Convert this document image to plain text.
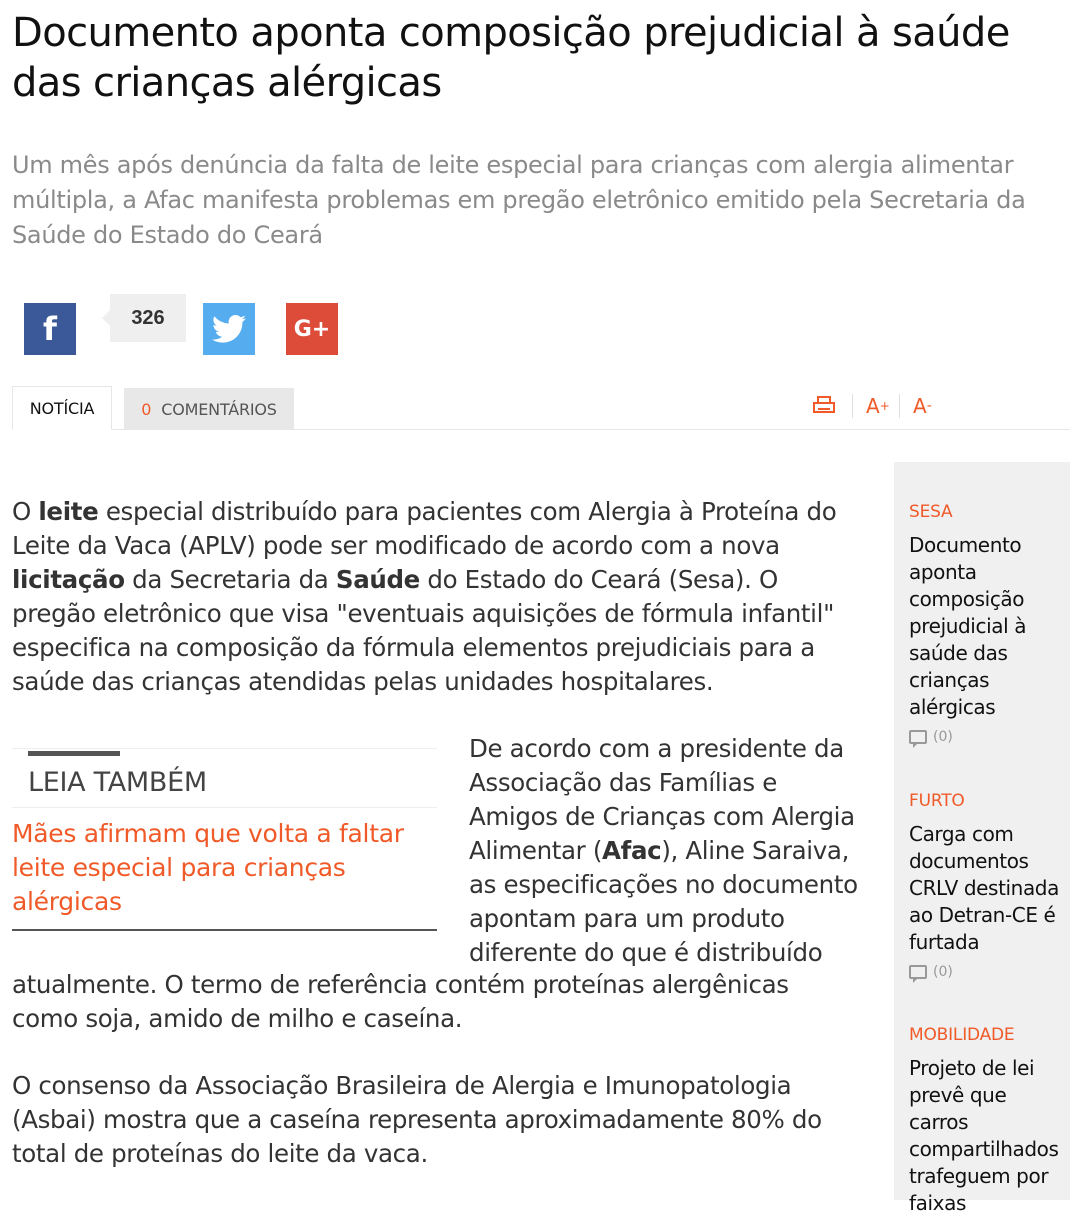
Documento aponta composição prejudicial à saúde das crianças alérgicas

Um mês após denúncia da falta de leite especial para crianças com alergia alimentar múltipla, a Afac manifesta problemas em pregão eletrônico emitido pela Secretaria da Saúde do Estado do Ceará

f	326	G+
NOTÍCIA	0 COMENTÁRIOS	A + A -

O leite especial distribuído para pacientes com Alergia à Proteína do Leite da Vaca (APLV) pode ser modificado de acordo com a nova licitação da Secretaria da Saúde do Estado do Ceará (Sesa). O pregão eletrônico que visa "eventuais aquisições de fórmula infantil" especifica na composição da fórmula elementos prejudiciais para a saúde das crianças atendidas pelas unidades hospitalares.

LEIA TAMBÉM
Mães afirmam que volta a faltar leite especial para crianças alérgicas

De acordo com a presidente da Associação das Famílias e Amigos de Crianças com Alergia Alimentar (Afac), Aline Saraiva, as especificações no documento apontam para um produto diferente do que é distribuído

atualmente. O termo de referência contém proteínas alergênicas como soja, amido de milho e caseína.

O consenso da Associação Brasileira de Alergia e Imunopatologia (Asbai) mostra que a caseína representa aproximadamente 80% do total de proteínas do leite da vaca.

SESA
Documento aponta composição prejudicial à saúde das crianças alérgicas
(0)
FURTO
Carga com documentos CRLV destinada ao Detran-CE é furtada
(0)
MOBILIDADE
Projeto de lei prevê que carros compartilhados trafeguem por faixas
